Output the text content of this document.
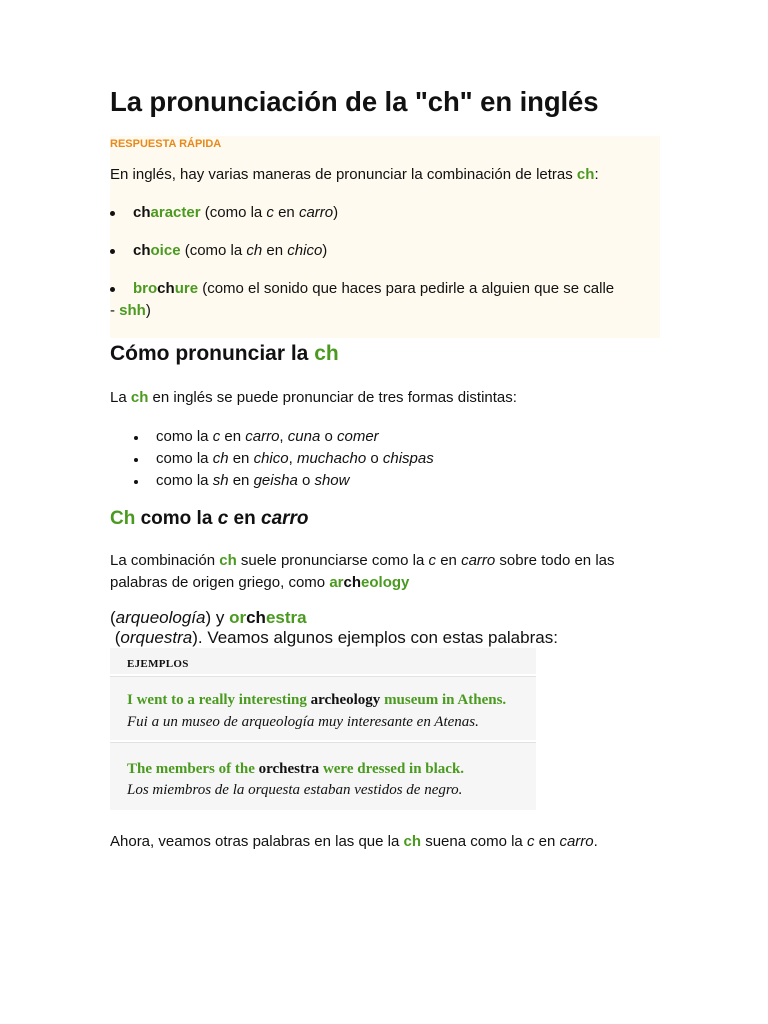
La pronunciación de la "ch" en inglés
RESPUESTA RÁPIDA
En inglés, hay varias maneras de pronunciar la combinación de letras ch:
character (como la c en carro)
choice (como la ch en chico)
brochure (como el sonido que haces para pedirle a alguien que se calle
- shh)
Cómo pronunciar la ch
La ch en inglés se puede pronunciar de tres formas distintas:
como la c en carro, cuna o comer
como la ch en chico, muchacho o chispas
como la sh en geisha o show
Ch como la c en carro
La combinación ch suele pronunciarse como la c en carro sobre todo en las
palabras de origen griego, como archeology
(arqueología) y orchestra
(orquestra). Veamos algunos ejemplos con estas palabras:
EJEMPLOS
I went to a really interesting archeology museum in Athens.
Fui a un museo de arqueología muy interesante en Atenas.
The members of the orchestra were dressed in black.
Los miembros de la orquesta estaban vestidos de negro.
Ahora, veamos otras palabras en las que la ch suena como la c en carro.
